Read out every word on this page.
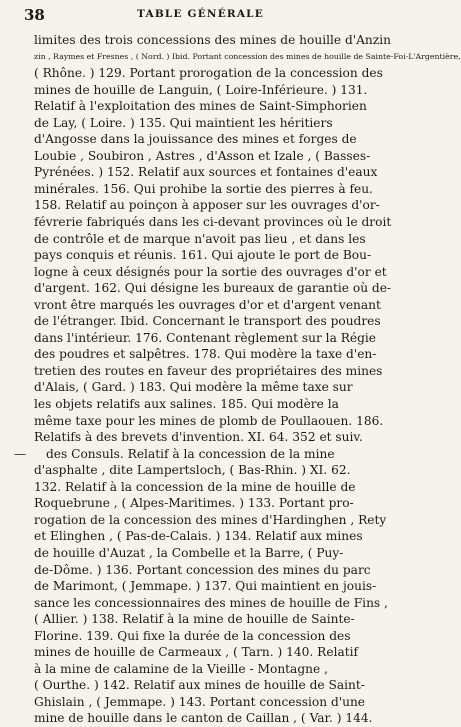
38	TABLE GÉNÉRALE
limites des trois concessions des mines de houille d'Anzin
zin , Raymes et Fresnes , ( Nord. ) Ibid. Portant concession des mines de houille de Sainte-Foi-L'Argentière,
( Rhône. ) 129. Portant prorogation de la concession des
mines de houille de Languin, ( Loire-Inférieure. ) 131.
Relatif à l'exploitation des mines de Saint-Simphorien
de Lay, ( Loire. ) 135. Qui maintient les héritiers
d'Angosse dans la jouissance des mines et forges de
Loubie , Soubiron , Astres , d'Asson et Izale , ( Basses-
Pyrénées. ) 152. Relatif aux sources et fontaines d'eaux
minérales. 156. Qui prohibe la sortie des pierres à feu.
158. Relatif au poinçon à apposer sur les ouvrages d'or-
févrerie fabriqués dans les ci-devant provinces où le droit
de contrôle et de marque n'avoit pas lieu , et dans les
pays conquis et réunis. 161. Qui ajoute le port de Bou-
logne à ceux désignés pour la sortie des ouvrages d'or et
d'argent. 162. Qui désigne les bureaux de garantie où de-
vront être marqués les ouvrages d'or et d'argent venant
de l'étranger. Ibid. Concernant le transport des poudres
dans l'intérieur. 176. Contenant règlement sur la Régie
des poudres et salpêtres. 178. Qui modère la taxe d'en-
tretien des routes en faveur des propriétaires des mines
d'Alais, ( Gard. ) 183. Qui modère la même taxe sur
les objets relatifs aux salines. 185. Qui modère la
même taxe pour les mines de plomb de Poullaouen. 186.
Relatifs à des brevets d'invention. XI. 64. 352 et suiv.
— des Consuls. Relatif à la concession de la mine
d'asphalte , dite Lampertsloch, ( Bas-Rhin. ) XI. 62.
132. Relatif à la concession de la mine de houille de
Roquebrune , ( Alpes-Maritimes. ) 133. Portant pro-
rogation de la concession des mines d'Hardinghen , Rety
et Elinghen , ( Pas-de-Calais. ) 134. Relatif aux mines
de houille d'Auzat , la Combelle et la Barre, ( Puy-
de-Dôme. ) 136. Portant concession des mines du parc
de Marimont, ( Jemmape. ) 137. Qui maintient en jouis-
sance les concessionnaires des mines de houille de Fins ,
( Allier. ) 138. Relatif à la mine de houille de Sainte-
Florine. 139. Qui fixe la durée de la concession des
mines de houille de Carmeaux , ( Tarn. ) 140. Relatif
à la mine de calamine de la Vieille - Montagne ,
( Ourthe. ) 142. Relatif aux mines de houille de Saint-
Ghislain , ( Jemmape. ) 143. Portant concession d'une
mine de houille dans le canton de Caillan , ( Var. ) 144.
